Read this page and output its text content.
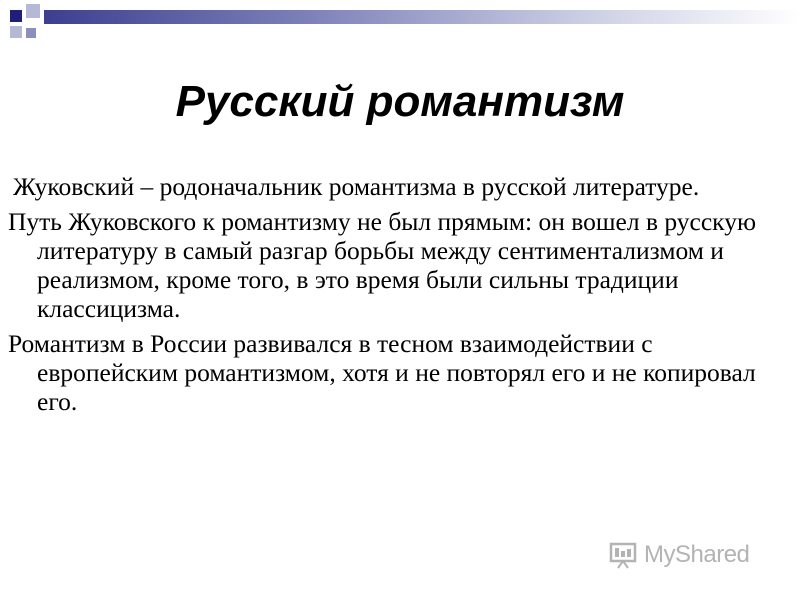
Русский романтизм

Жуковский – родоначальник романтизма в русской литературе.

Путь Жуковского к романтизму не был прямым: он вошел в русскую литературу в самый разгар борьбы между сентиментализмом и реализмом, кроме того, в это время были сильны традиции классицизма.

Романтизм в России развивался в тесном взаимодействии с европейским романтизмом, хотя и не повторял его и не копировал его.

MyShared
